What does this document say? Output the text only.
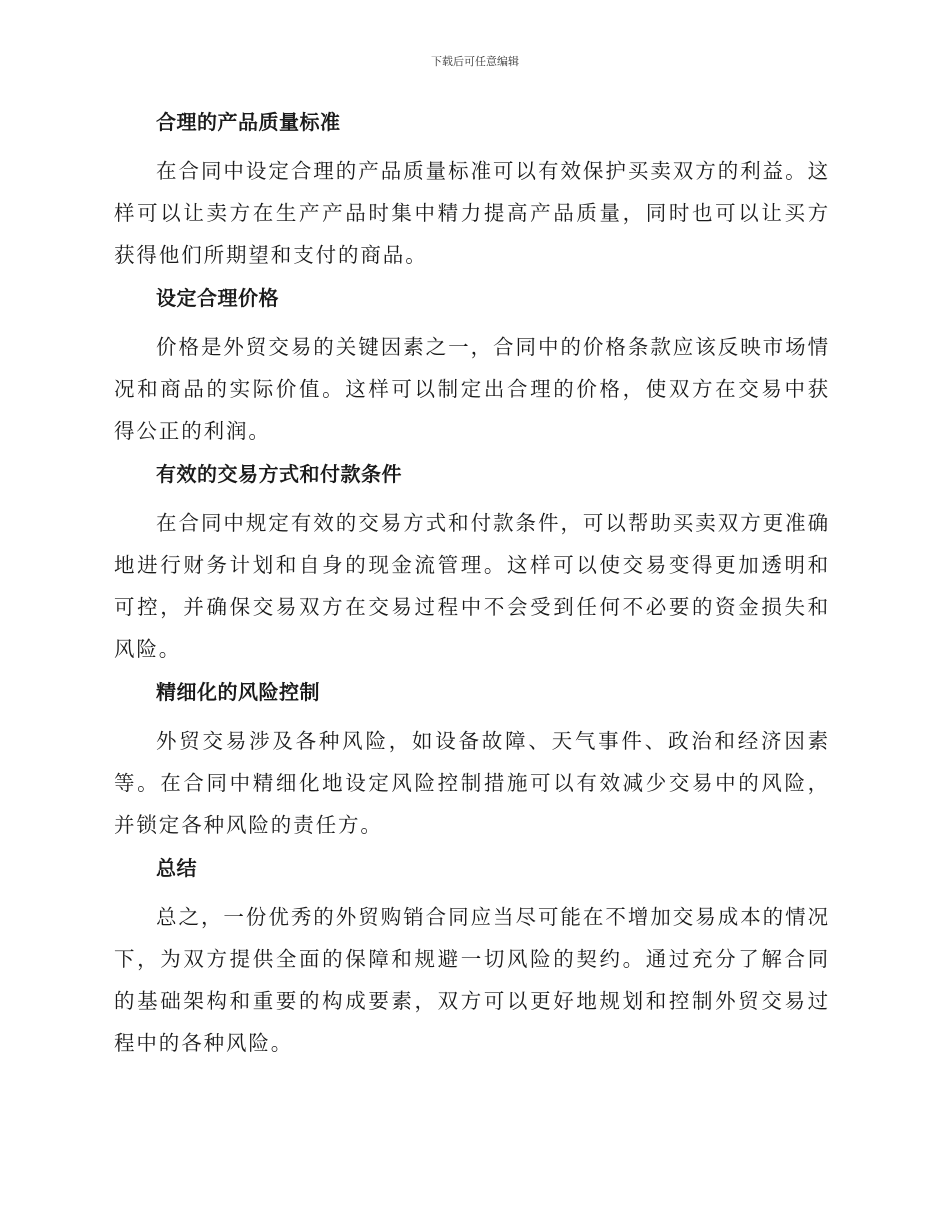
下载后可任意编辑
合理的产品质量标准

在合同中设定合理的产品质量标准可以有效保护买卖双方的利益。这样可以让卖方在生产产品时集中精力提高产品质量，同时也可以让买方获得他们所期望和支付的商品。

设定合理价格

价格是外贸交易的关键因素之一，合同中的价格条款应该反映市场情况和商品的实际价值。这样可以制定出合理的价格，使双方在交易中获得公正的利润。

有效的交易方式和付款条件

在合同中规定有效的交易方式和付款条件，可以帮助买卖双方更准确地进行财务计划和自身的现金流管理。这样可以使交易变得更加透明和可控，并确保交易双方在交易过程中不会受到任何不必要的资金损失和风险。

精细化的风险控制

外贸交易涉及各种风险，如设备故障、天气事件、政治和经济因素等。在合同中精细化地设定风险控制措施可以有效减少交易中的风险，并锁定各种风险的责任方。

总结

总之，一份优秀的外贸购销合同应当尽可能在不增加交易成本的情况下，为双方提供全面的保障和规避一切风险的契约。通过充分了解合同的基础架构和重要的构成要素，双方可以更好地规划和控制外贸交易过程中的各种风险。
